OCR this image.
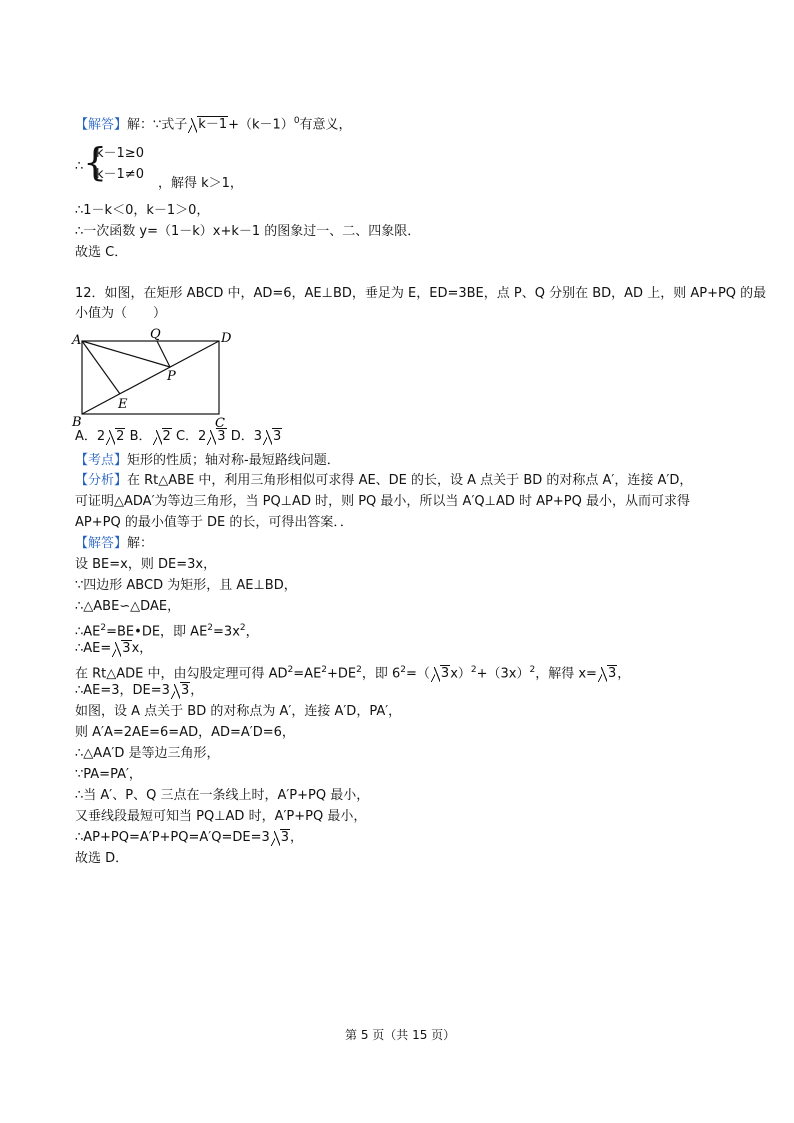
【解答】解：∵式子 $k-1+(k-1)^0$有意义，
∴ {
k－1≥0
k－1≠0
，解得 k＞1，
∴1－k＜0，k－1＞0，
∴一次函数 y=（1－k）x+k－1 的图象过一、二、四象限．
故选 C．
12．如图，在矩形 ABCD 中，AD=6，AE⊥BD，垂足为 E，ED=3BE，点 P、Q 分别在 BD，AD 上，则 AP+PQ 的最
小值为（　　）
A
B	C
D
Q
P
E
A．2 2 B． 2 C．2 3 D．3 3
【考点】矩形的性质；轴对称-最短路线问题．
【分析】在 Rt△ABE 中，利用三角形相似可求得 AE、DE 的长，设 A 点关于 BD 的对称点 A′，连接 A′D，
可证明△ADA′为等边三角形，当 PQ⊥AD 时，则 PQ 最小，所以当 A′Q⊥AD 时 AP+PQ 最小，从而可求得
AP+PQ 的最小值等于 DE 的长，可得出答案．．
【解答】解：
设 BE=x，则 DE=3x，
∵四边形 ABCD 为矩形，且 AE⊥BD，
∴△ABE∽△DAE，
$\therefore AE^2=BE•DE$，即 $AE^2=3x^2$，
∴AE= 3x，
在 Rt△ADE 中，由勾股定理可得 $AD^2=AE^2+DE^2$，即 $6^2=$（ $3x)^2+(3x)^2$，解得 x= 3，
∴AE=3，DE=3 3，
如图，设 A 点关于 BD 的对称点为 A′，连接 A′D，PA′，
则 A′A=2AE=6=AD，AD=A′D=6，
∴△AA′D 是等边三角形，
∵PA=PA′，
∴当 A′、P、Q 三点在一条线上时，A′P+PQ 最小，
又垂线段最短可知当 PQ⊥AD 时，A′P+PQ 最小，
∴AP+PQ=A′P+PQ=A′Q=DE=3 3，
故选 D．
第 5 页（共 15 页）
